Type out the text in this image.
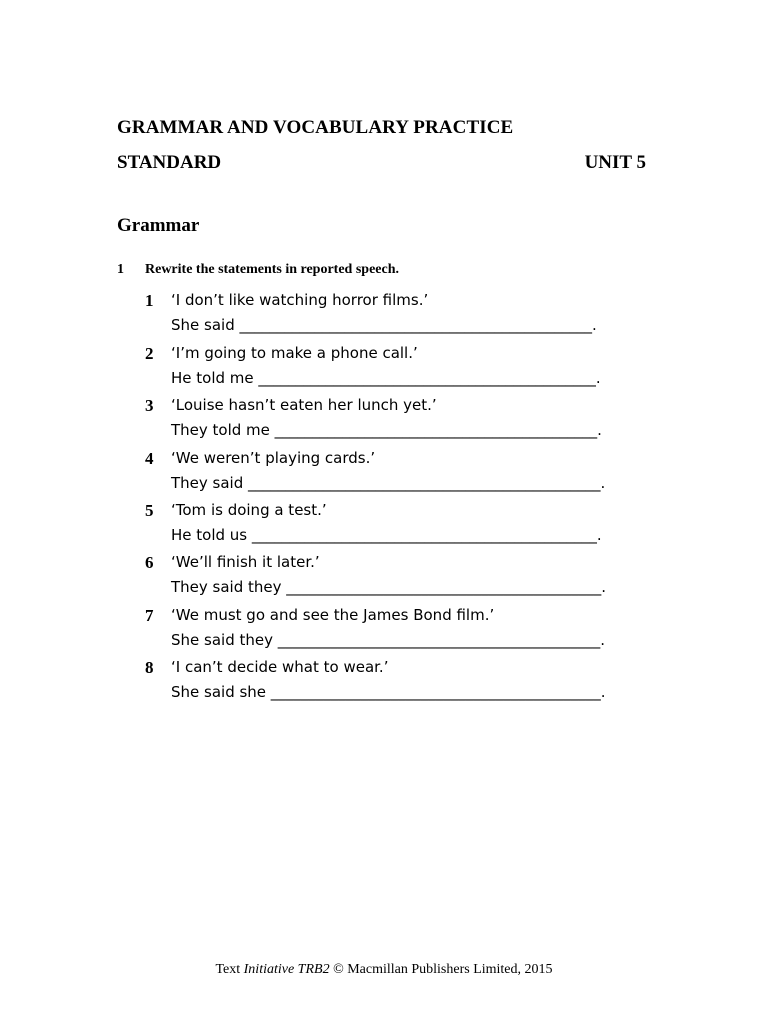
GRAMMAR AND VOCABULARY PRACTICE
STANDARD	UNIT 5
Grammar
1 Rewrite the statements in reported speech.
1 ‘I don’t like watching horror films.’
She said _______________________________________________.
2 ‘I’m going to make a phone call.’
He told me _____________________________________________.
3 ‘Louise hasn’t eaten her lunch yet.’
They told me ___________________________________________.
4 ‘We weren’t playing cards.’
They said _______________________________________________.
5 ‘Tom is doing a test.’
He told us ______________________________________________.
6 ‘We’ll finish it later.’
They said they __________________________________________.
7 ‘We must go and see the James Bond film.’
She said they ___________________________________________.
8 ‘I can’t decide what to wear.’
She said she ____________________________________________.
Text Initiative TRB2 © Macmillan Publishers Limited, 2015
